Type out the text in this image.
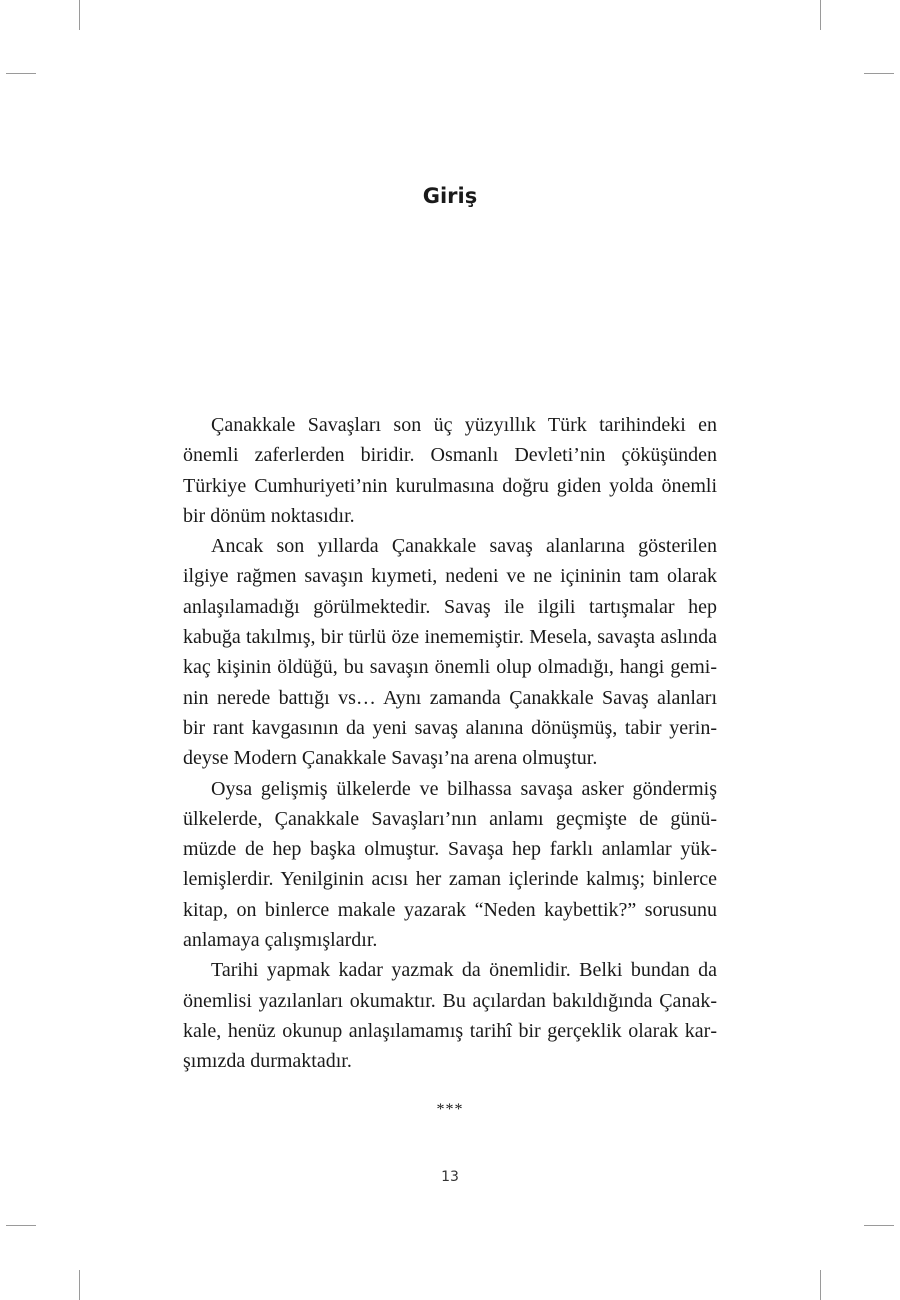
Giriş

Çanakkale Savaşları son üç yüzyıllık Türk tarihindeki en önemli zaferlerden biridir. Osmanlı Devleti’nin çöküşünden Türkiye Cumhuriyeti’nin kurulmasına doğru giden yolda önemli bir dönüm noktasıdır.

Ancak son yıllarda Çanakkale savaş alanlarına gösterilen ilgiye rağmen savaşın kıymeti, nedeni ve ne içininin tam olarak anlaşılamadığı görülmektedir. Savaş ile ilgili tartışmalar hep kabuğa takılmış, bir türlü öze inememiştir. Mesela, savaşta aslında kaç kişinin öldüğü, bu savaşın önemli olup olmadığı, hangi geminin nerede battığı vs… Aynı zamanda Çanakkale Savaş alanları bir rant kavgasının da yeni savaş alanına dönüşmüş, tabir yerindeyse Modern Çanakkale Savaşı’na arena olmuştur.

Oysa gelişmiş ülkelerde ve bilhassa savaşa asker göndermiş ülkelerde, Çanakkale Savaşları’nın anlamı geçmişte de günümüzde de hep başka olmuştur. Savaşa hep farklı anlamlar yüklemişlerdir. Yenilginin acısı her zaman içlerinde kalmış; binlerce kitap, on binlerce makale yazarak “Neden kaybettik?” sorusunu anlamaya çalışmışlardır.

Tarihi yapmak kadar yazmak da önemlidir. Belki bundan da önemlisi yazılanları okumaktır. Bu açılardan bakıldığında Çanakkale, henüz okunup anlaşılamamış tarihî bir gerçeklik olarak karşımızda durmaktadır.

***
13
